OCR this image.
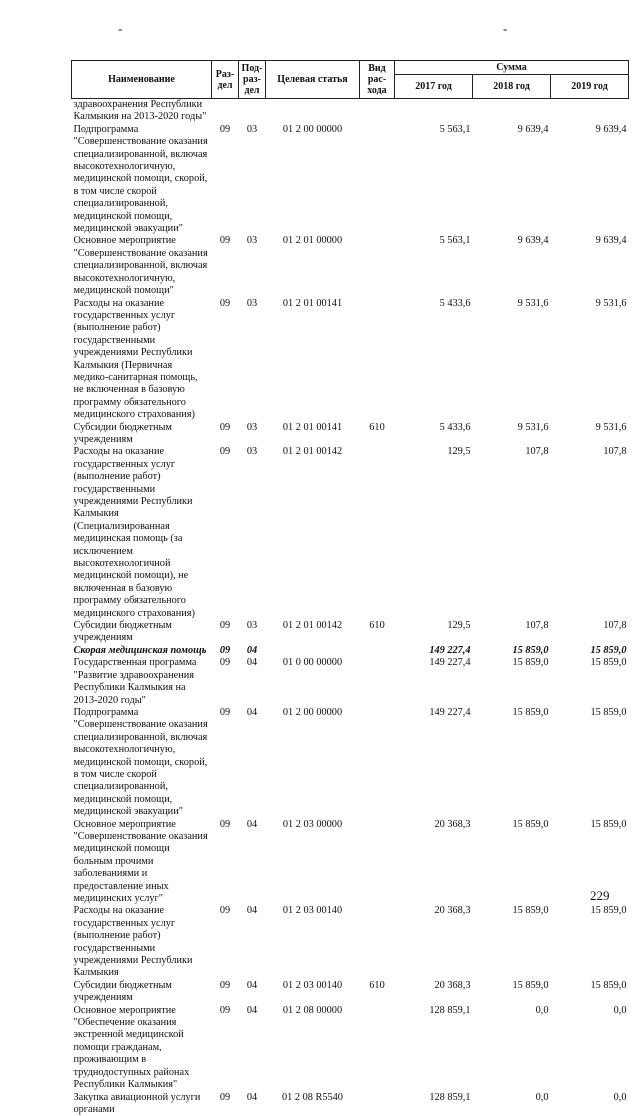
-	-
Наименование	Раз-дел	Под-раз-дел	Целевая статья	Вид рас-хода	Сумма		
					2017 год	2018 год	2019 год
здравоохранения Республики Калмыкия на 2013-2020 годы"							
Подпрограмма "Совершенствование оказания специализированной, включая высокотехнологичную, медицинской помощи, скорой, в том числе скорой специализированной, медицинской помощи, медицинской эвакуации"	09	03	01 2 00 00000		5 563,1	9 639,4	9 639,4
Основное мероприятие "Совершенствование оказания специализированной, включая высокотехнологичную, медицинской помощи"	09	03	01 2 01 00000		5 563,1	9 639,4	9 639,4
Расходы на оказание государственных услуг (выполнение работ) государственными учреждениями Республики Калмыкия (Первичная медико-санитарная помощь, не включенная в базовую программу обязательного медицинского страхования)	09	03	01 2 01 00141		5 433,6	9 531,6	9 531,6
Субсидии бюджетным учреждениям	09	03	01 2 01 00141	610	5 433,6	9 531,6	9 531,6
Расходы на оказание государственных услуг (выполнение работ) государственными учреждениями Республики Калмыкия (Специализированная медицинская помощь (за исключением высокотехнологичной медицинской помощи), не включенная в базовую программу обязательного медицинского страхования)	09	03	01 2 01 00142		129,5	107,8	107,8
Субсидии бюджетным учреждениям	09	03	01 2 01 00142	610	129,5	107,8	107,8
Скорая медицинская помощь	09	04			149 227,4	15 859,0	15 859,0
Государственная программа "Развитие здравоохранения Республики Калмыкия на 2013-2020 годы"	09	04	01 0 00 00000		149 227,4	15 859,0	15 859,0
Подпрограмма "Совершенствование оказания специализированной, включая высокотехнологичную, медицинской помощи, скорой, в том числе скорой специализированной, медицинской помощи, медицинской эвакуации"	09	04	01 2 00 00000		149 227,4	15 859,0	15 859,0
Основное мероприятие "Совершенствование оказания медицинской помощи больным прочими заболеваниями и предоставление иных медицинских услуг"	09	04	01 2 03 00000		20 368,3	15 859,0	15 859,0
Расходы на оказание государственных услуг (выполнение работ) государственными учреждениями Республики Калмыкия	09	04	01 2 03 00140		20 368,3	15 859,0	15 859,0
Субсидии бюджетным учреждениям	09	04	01 2 03 00140	610	20 368,3	15 859,0	15 859,0
Основное мероприятие "Обеспечение оказания экстренной медицинской помощи гражданам, проживающим в труднодоступных районах Республики Калмыкия"	09	04	01 2 08 00000		128 859,1	0,0	0,0
Закупка авиационной услуги органами	09	04	01 2 08 R5540		128 859,1	0,0	0,0
229
